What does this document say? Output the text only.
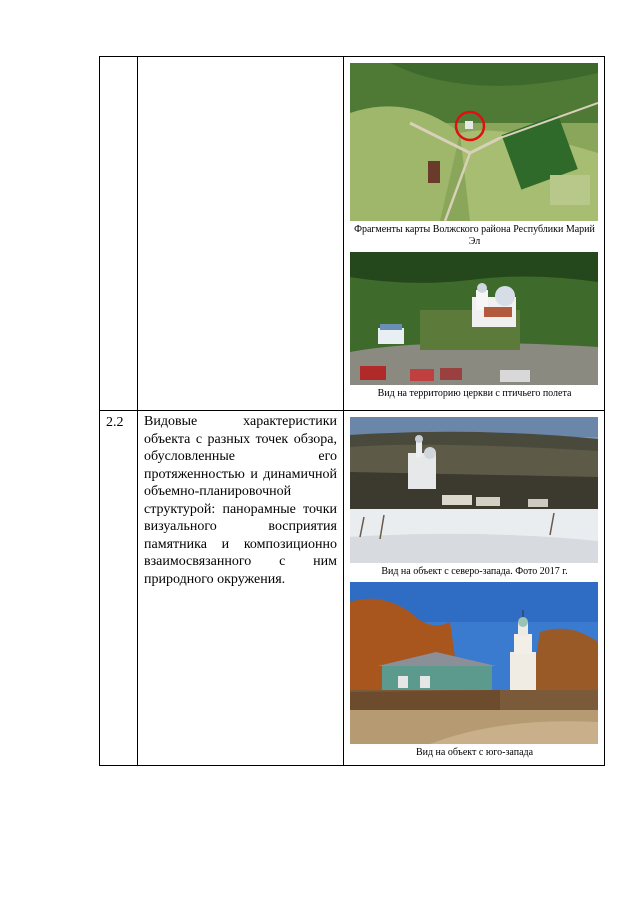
		Фрагменты карты Волжского района Республики Марий Эл
Вид на территорию церкви с птичьего полета

2.2	Видовые характеристики объекта с разных точек обзора, обусловленные его протяженностью и динамичной объемно-планировочной структурой: панорамные точки визуального восприятия памятника и композиционно взаимосвязанного с ним природного окружения.	Вид на объект с северо-запада. Фото 2017 г.
Вид на объект с юго-запада
